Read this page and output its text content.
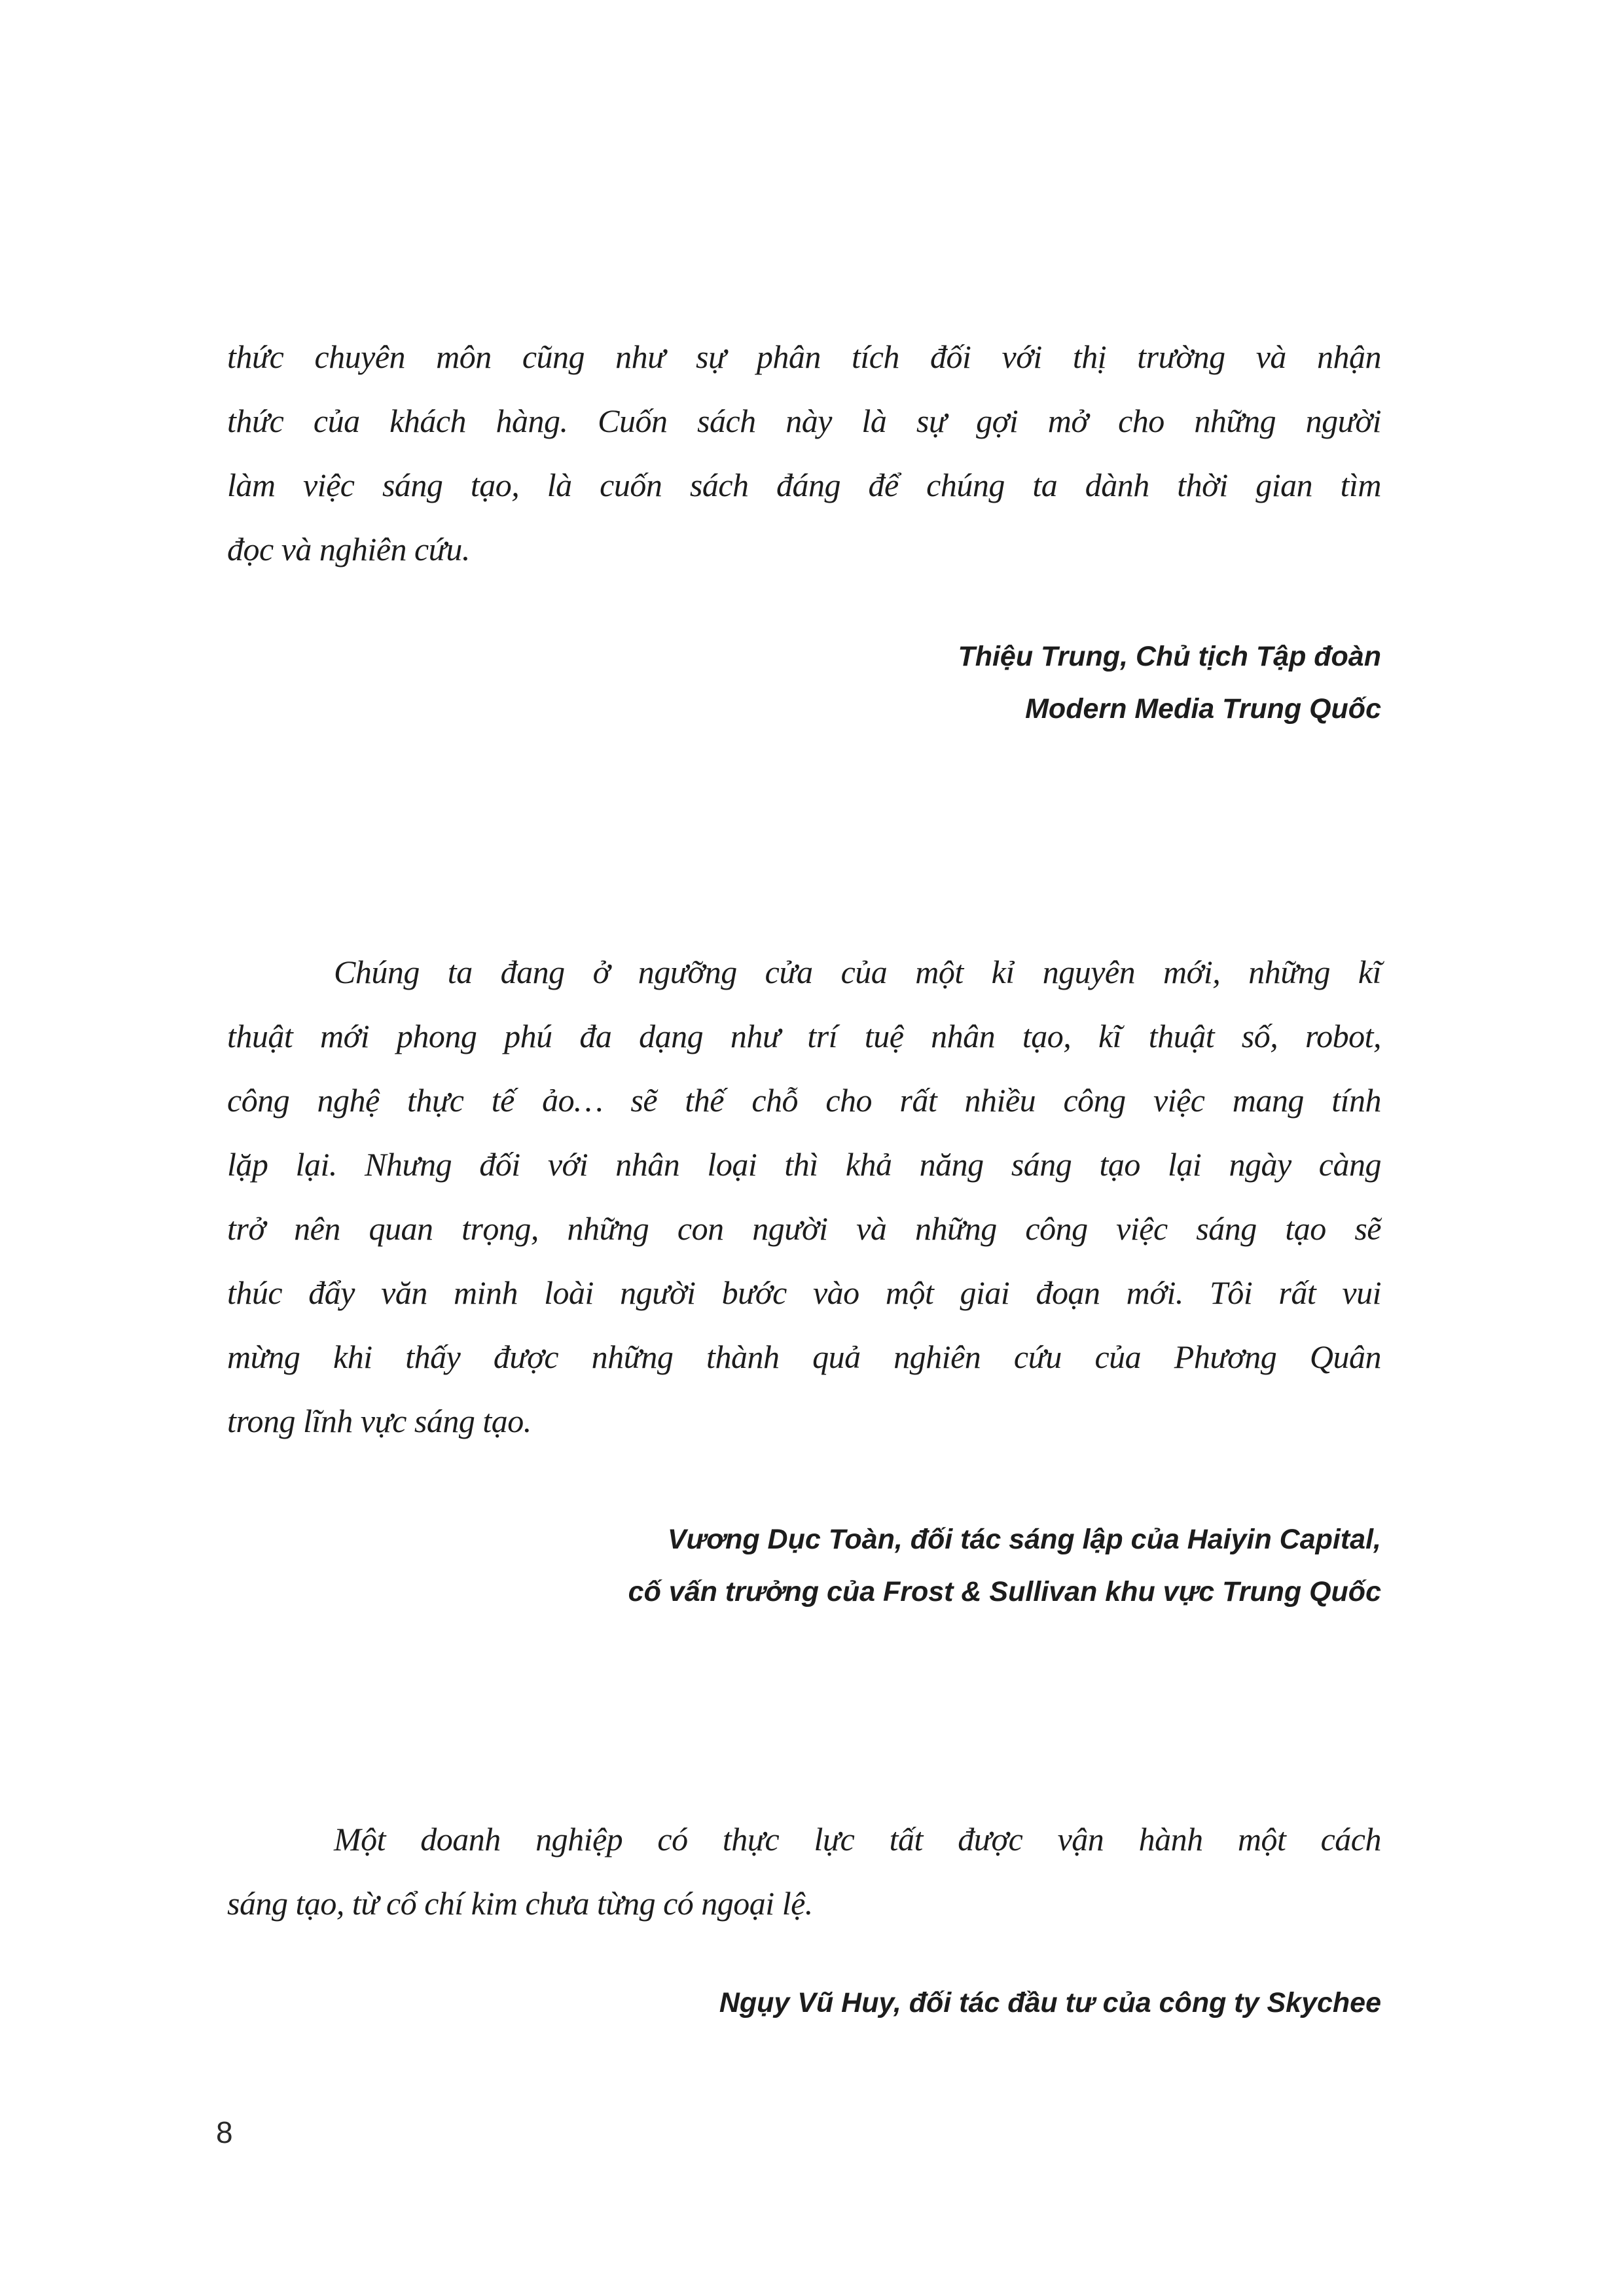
thức chuyên môn cũng như sự phân tích đối với thị trường và nhận
thức của khách hàng. Cuốn sách này là sự gợi mở cho những người
làm việc sáng tạo, là cuốn sách đáng để chúng ta dành thời gian tìm
đọc và nghiên cứu.
Thiệu Trung, Chủ tịch Tập đoàn
Modern Media Trung Quốc
Chúng ta đang ở ngưỡng cửa của một kỉ nguyên mới, những kĩ
thuật mới phong phú đa dạng như trí tuệ nhân tạo, kĩ thuật số, robot,
công nghệ thực tế ảo… sẽ thế chỗ cho rất nhiều công việc mang tính
lặp lại. Nhưng đối với nhân loại thì khả năng sáng tạo lại ngày càng
trở nên quan trọng, những con người và những công việc sáng tạo sẽ
thúc đẩy văn minh loài người bước vào một giai đoạn mới. Tôi rất vui
mừng khi thấy được những thành quả nghiên cứu của Phương Quân
trong lĩnh vực sáng tạo.
Vương Dục Toàn, đối tác sáng lập của Haiyin Capital,
cố vấn trưởng của Frost & Sullivan khu vực Trung Quốc
Một doanh nghiệp có thực lực tất được vận hành một cách
sáng tạo, từ cổ chí kim chưa từng có ngoại lệ.
Ngụy Vũ Huy, đối tác đầu tư của công ty Skychee
8
